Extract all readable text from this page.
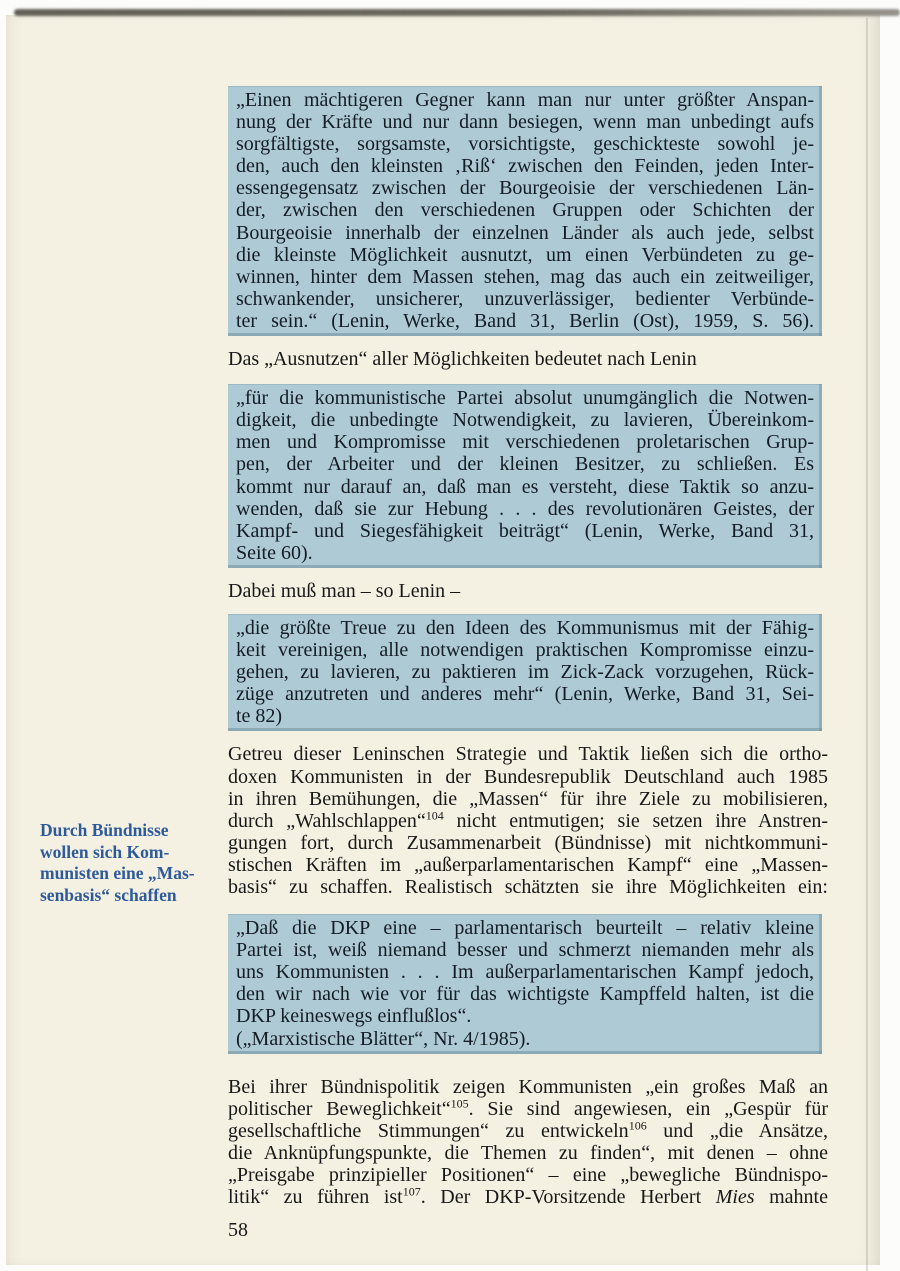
Durch Bündnisse
wollen sich Kom-
munisten eine „Mas-
senbasis“ schaffen
„Einen mächtigeren Gegner kann man nur unter größter Anspan-
nung der Kräfte und nur dann besiegen, wenn man unbedingt aufs
sorgfältigste, sorgsamste, vorsichtigste, geschickteste sowohl je-
den, auch den kleinsten ‚Riß‘ zwischen den Feinden, jeden Inter-
essengegensatz zwischen der Bourgeoisie der verschiedenen Län-
der, zwischen den verschiedenen Gruppen oder Schichten der
Bourgeoisie innerhalb der einzelnen Länder als auch jede, selbst
die kleinste Möglichkeit ausnutzt, um einen Verbündeten zu ge-
winnen, hinter dem Massen stehen, mag das auch ein zeitweiliger,
schwankender, unsicherer, unzuverlässiger, bedienter Verbünde-
ter sein.“ (Lenin, Werke, Band 31, Berlin (Ost), 1959, S. 56).

Das „Ausnutzen“ aller Möglichkeiten bedeutet nach Lenin

„für die kommunistische Partei absolut unumgänglich die Notwen-
digkeit, die unbedingte Notwendigkeit, zu lavieren, Übereinkom-
men und Kompromisse mit verschiedenen proletarischen Grup-
pen, der Arbeiter und der kleinen Besitzer, zu schließen. Es
kommt nur darauf an, daß man es versteht, diese Taktik so anzu-
wenden, daß sie zur Hebung . . . des revolutionären Geistes, der
Kampf- und Siegesfähigkeit beiträgt“ (Lenin, Werke, Band 31,
Seite 60).

Dabei muß man – so Lenin –

„die größte Treue zu den Ideen des Kommunismus mit der Fähig-
keit vereinigen, alle notwendigen praktischen Kompromisse einzu-
gehen, zu lavieren, zu paktieren im Zick-Zack vorzugehen, Rück-
züge anzutreten und anderes mehr“ (Lenin, Werke, Band 31, Sei-
te 82)

Getreu dieser Leninschen Strategie und Taktik ließen sich die ortho-
doxen Kommunisten in der Bundesrepublik Deutschland auch 1985
in ihren Bemühungen, die „Massen“ für ihre Ziele zu mobilisieren,
durch „Wahlschlappen“$^{104}$ nicht entmutigen; sie setzen ihre Anstren-
gungen fort, durch Zusammenarbeit (Bündnisse) mit nichtkommuni-
stischen Kräften im „außerparlamentarischen Kampf“ eine „Massen-
basis“ zu schaffen. Realistisch schätzten sie ihre Möglichkeiten ein:

„Daß die DKP eine – parlamentarisch beurteilt – relativ kleine
Partei ist, weiß niemand besser und schmerzt niemanden mehr als
uns Kommunisten . . . Im außerparlamentarischen Kampf jedoch,
den wir nach wie vor für das wichtigste Kampffeld halten, ist die
DKP keineswegs einflußlos“.
(„Marxistische Blätter“, Nr. 4/1985).

Bei ihrer Bündnispolitik zeigen Kommunisten „ein großes Maß an
politischer Beweglichkeit“$^{105}$. Sie sind angewiesen, ein „Gespür für
gesellschaftliche Stimmungen“ zu entwickeln$^{106}$ und „die Ansätze,
die Anknüpfungspunkte, die Themen zu finden“, mit denen – ohne
„Preisgabe prinzipieller Positionen“ – eine „bewegliche Bündnispo-
litik“ zu führen ist$^{107}$. Der DKP-Vorsitzende Herbert Mies mahnte

58
